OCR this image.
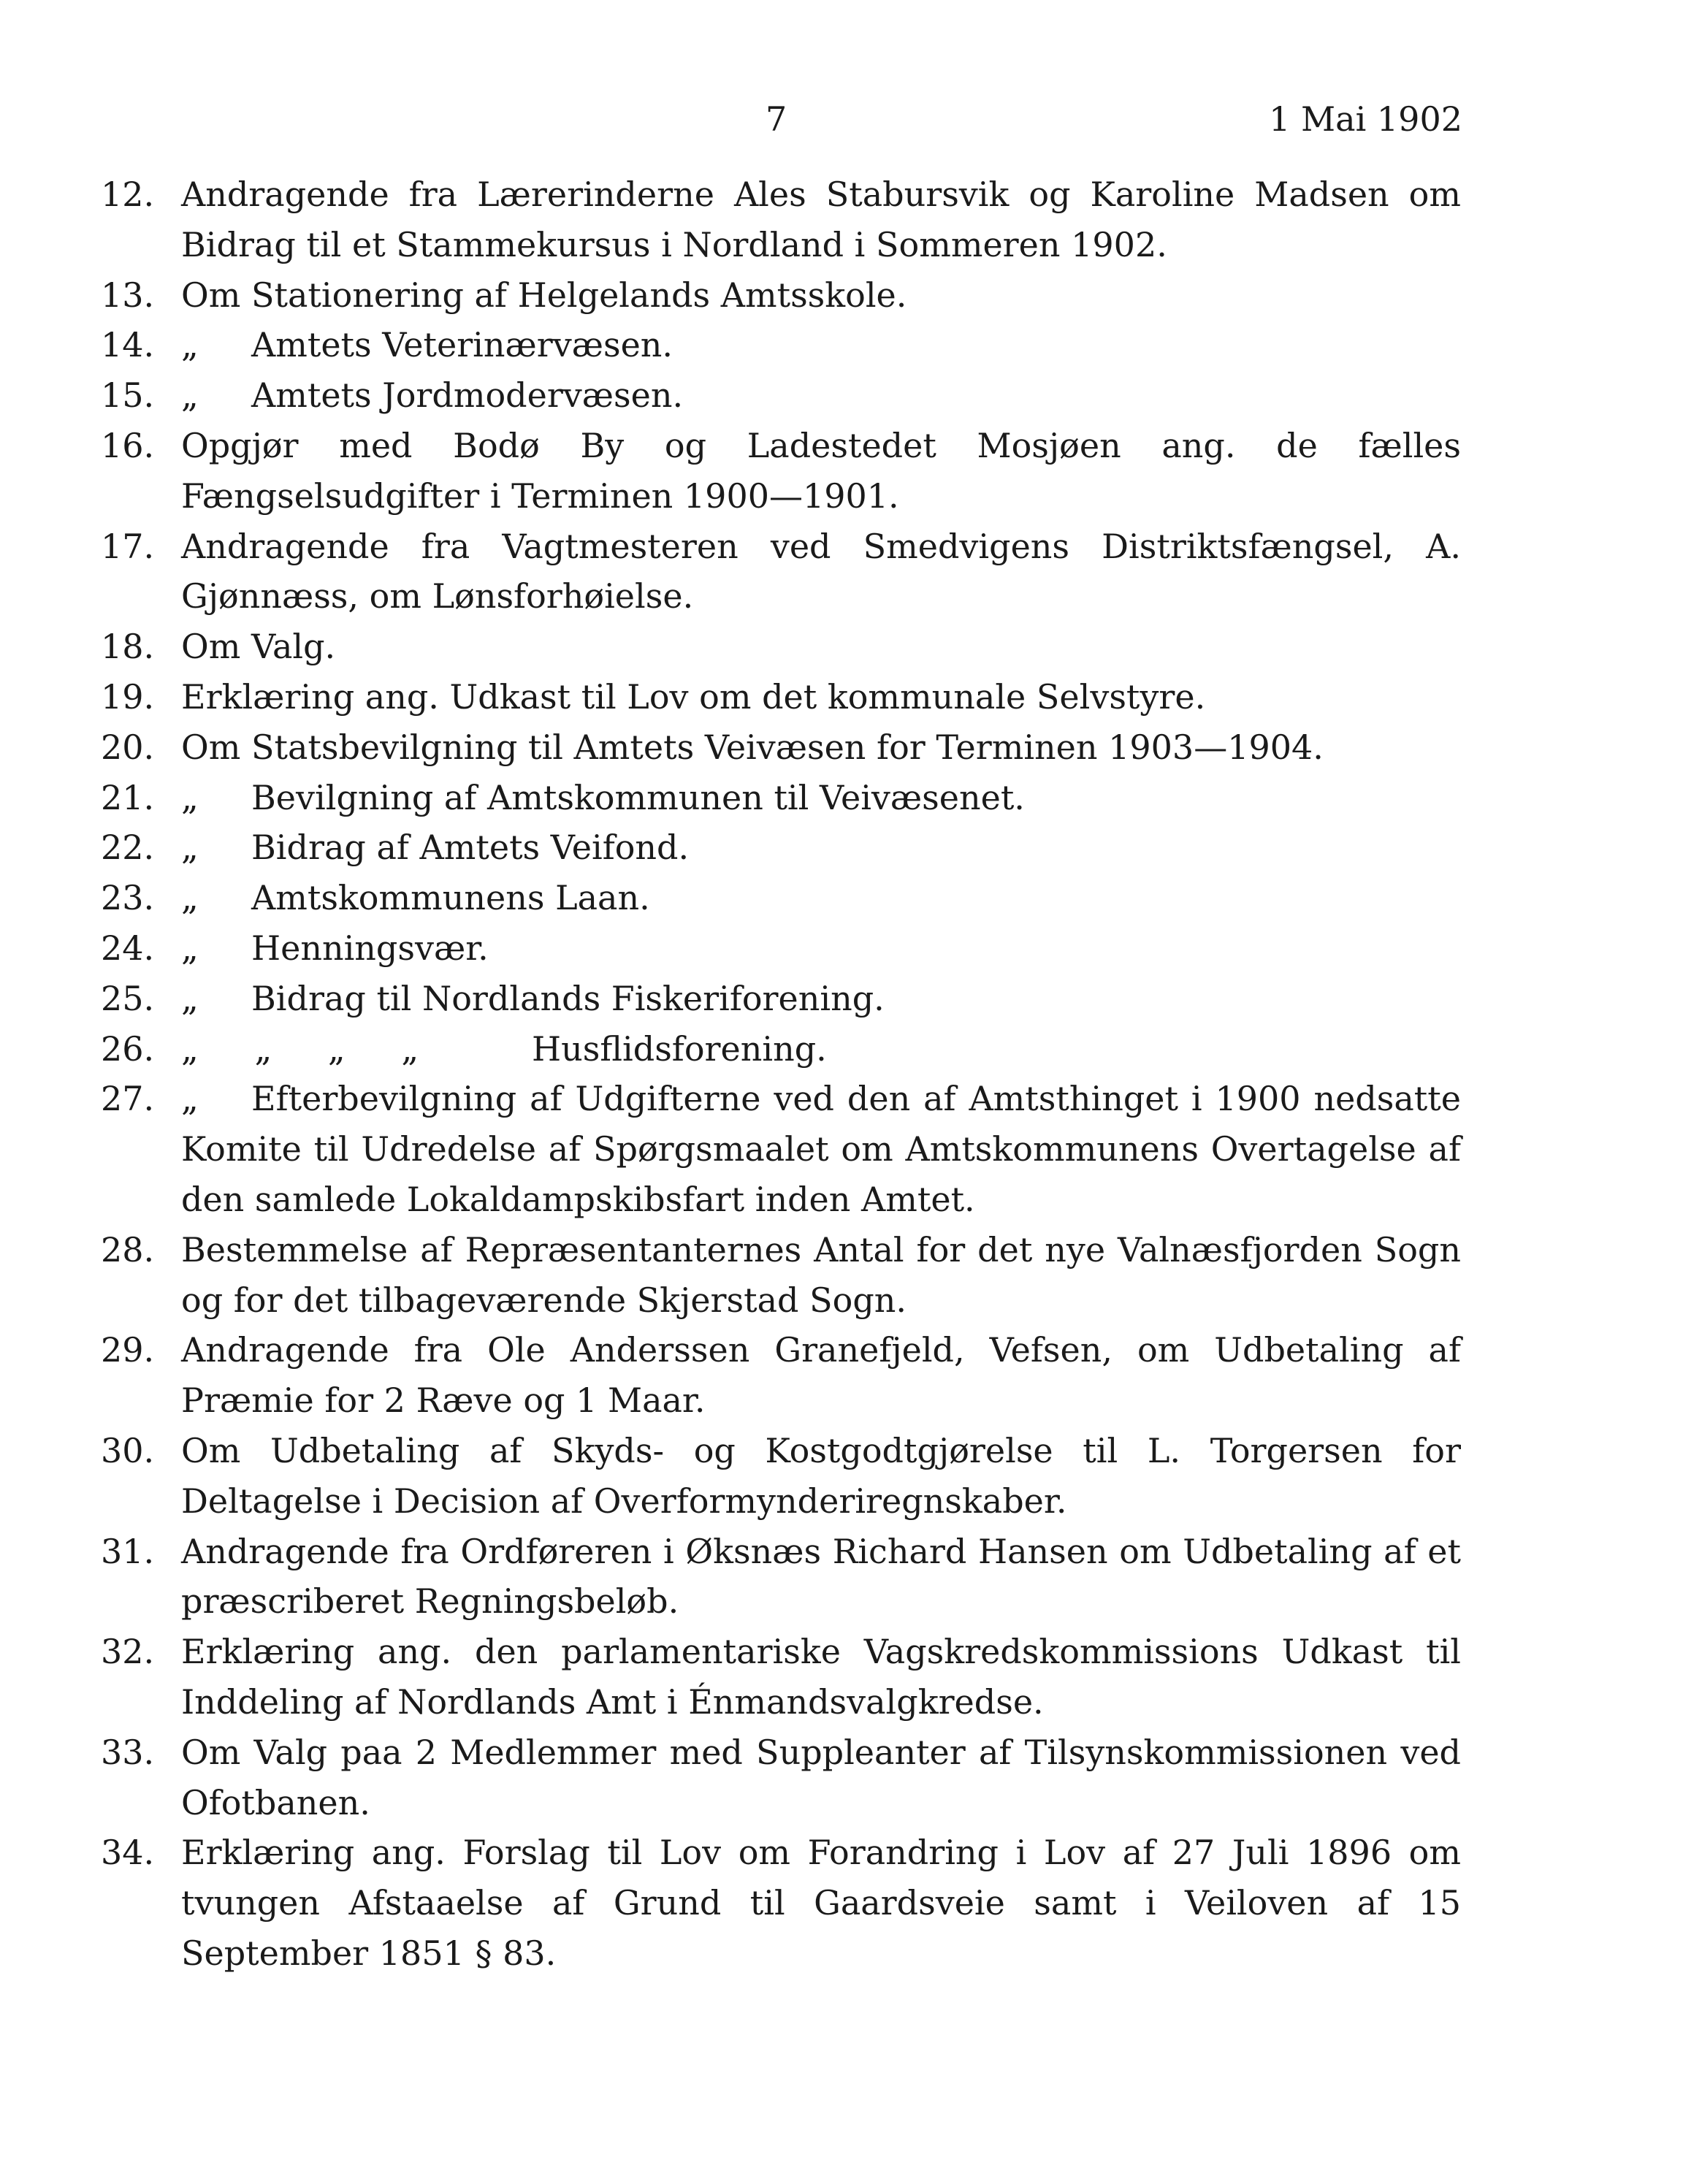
7	1 Mai 1902
12. Andragende fra Lærerinderne Ales Stabursvik og Karoline Madsen om Bidrag til et Stammekursus i Nordland i Sommeren 1902.
13. Om Stationering af Helgelands Amtsskole.
14. „ Amtets Veterinærvæsen.
15. „ Amtets Jordmodervæsen.
16. Opgjør med Bodø By og Ladestedet Mosjøen ang. de fælles Fængselsudgifter i Terminen 1900—1901.
17. Andragende fra Vagtmesteren ved Smedvigens Distriktsfængsel, A. Gjønnæss, om Lønsforhøielse.
18. Om Valg.
19. Erklæring ang. Udkast til Lov om det kommunale Selvstyre.
20. Om Statsbevilgning til Amtets Veivæsen for Terminen 1903—1904.
21. „ Bevilgning af Amtskommunen til Veivæsenet.
22. „ Bidrag af Amtets Veifond.
23. „ Amtskommunens Laan.
24. „ Henningsvær.
25. „ Bidrag til Nordlands Fiskeriforening.
26. „ „ „ „	Husflidsforening.
27. „ Efterbevilgning af Udgifterne ved den af Amtsthinget i 1900 nedsatte Komite til Udredelse af Spørgsmaalet om Amtskommunens Overtagelse af den samlede Lokaldampskibsfart inden Amtet.
28. Bestemmelse af Repræsentanternes Antal for det nye Valnæsfjorden Sogn og for det tilbageværende Skjerstad Sogn.
29. Andragende fra Ole Anderssen Granefjeld, Vefsen, om Udbetaling af Præmie for 2 Ræve og 1 Maar.
30. Om Udbetaling af Skyds- og Kostgodtgjørelse til L. Torgersen for Deltagelse i Decision af Overformynderiregnskaber.
31. Andragende fra Ordføreren i Øksnæs Richard Hansen om Udbetaling af et præscriberet Regningsbeløb.
32. Erklæring ang. den parlamentariske Vagskredskommissions Udkast til Inddeling af Nordlands Amt i Énmandsvalgkredse.
33. Om Valg paa 2 Medlemmer med Suppleanter af Tilsynskommissionen ved Ofotbanen.
34. Erklæring ang. Forslag til Lov om Forandring i Lov af 27 Juli 1896 om tvungen Afstaaelse af Grund til Gaardsveie samt i Veiloven af 15 September 1851 § 83.
